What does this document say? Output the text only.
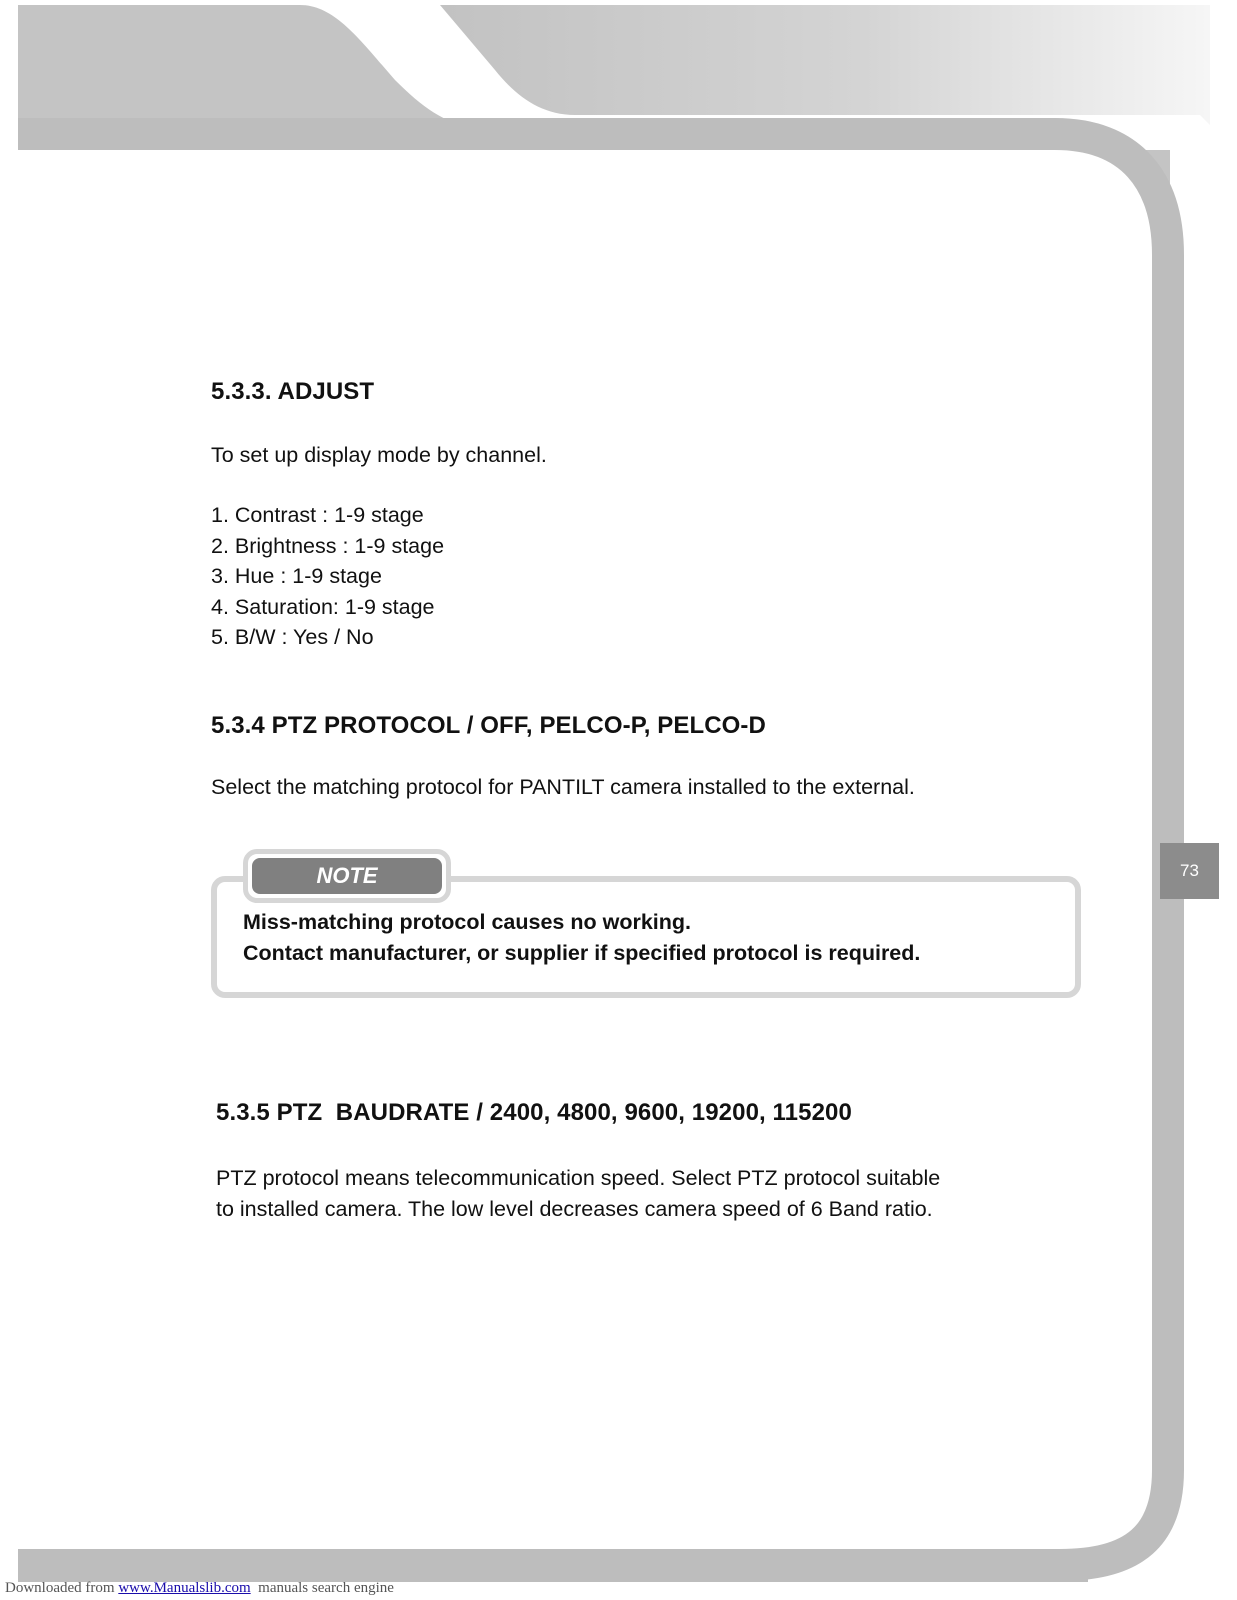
5.3.3. ADJUST

To set up display mode by channel.

1. Contrast : 1-9 stage
2. Brightness : 1-9 stage
3. Hue : 1-9 stage
4. Saturation: 1-9 stage
5. B/W : Yes / No
5.3.4 PTZ PROTOCOL / OFF, PELCO-P, PELCO-D

Select the matching protocol for PANTILT camera installed to the external.

NOTE
Miss-matching protocol causes no working.
Contact manufacturer, or supplier if specified protocol is required.
5.3.5 PTZ  BAUDRATE / 2400, 4800, 9600, 19200, 115200

PTZ protocol means telecommunication speed. Select PTZ protocol suitable

to installed camera. The low level decreases camera speed of 6 Band ratio.

73
Downloaded from www.Manualslib.com  manuals search engine
